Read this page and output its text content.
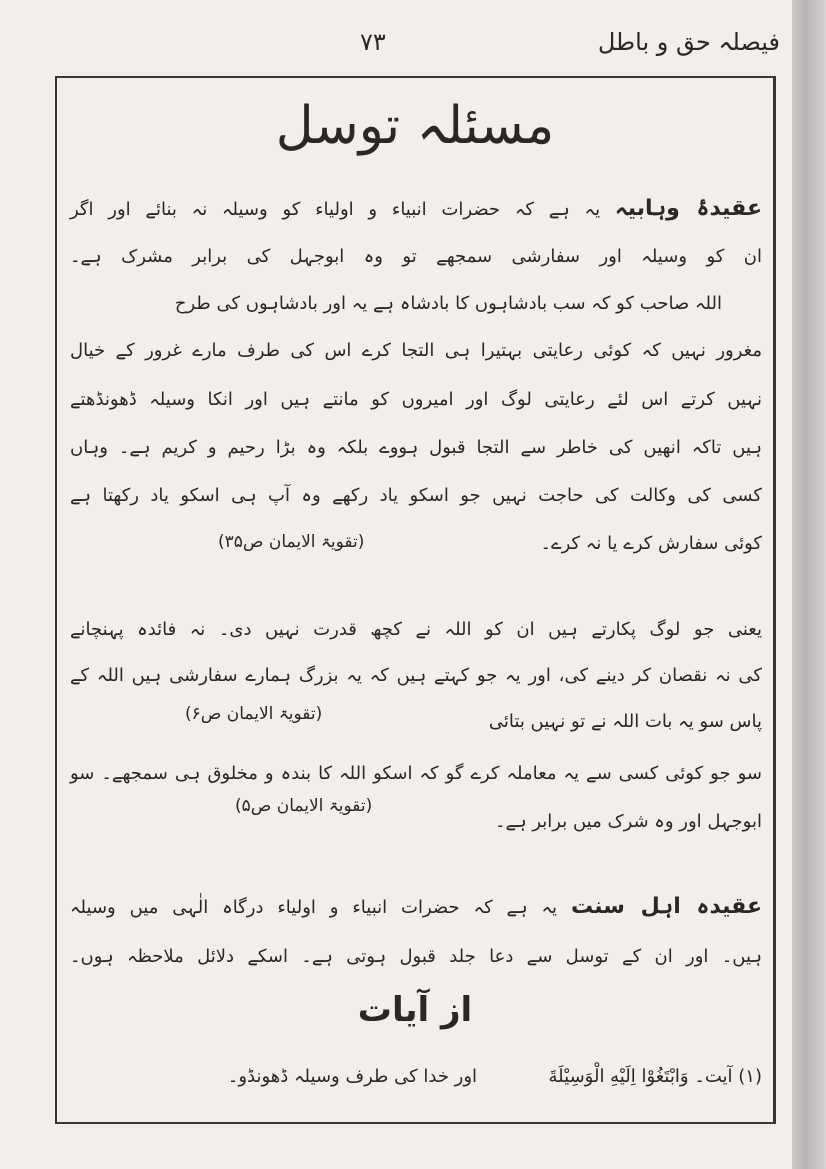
فیصلہ حق و باطل
۷۳
مسئلہ توسل
عقیدۂ وہابیہ یہ ہے کہ حضرات انبیاء و اولیاء کو وسیلہ نہ بنائے اور اگر
ان کو وسیلہ اور سفارشی سمجھے تو وہ ابوجہل کی برابر مشرک ہے۔
اللہ صاحب کو کہ سب بادشاہوں کا بادشاہ ہے یہ اور بادشاہوں کی طرح
مغرور نہیں کہ کوئی رعایتی بہتیرا ہی التجا کرے اس کی طرف مارے غرور کے خیال
نہیں کرتے اس لئے رعایتی لوگ اور امیروں کو مانتے ہیں اور انکا وسیلہ ڈھونڈھتے
ہیں تاکہ انھیں کی خاطر سے التجا قبول ہووے بلکہ وہ بڑا رحیم و کریم ہے۔ وہاں
کسی کی وکالت کی حاجت نہیں جو اسکو یاد رکھے وہ آپ ہی اسکو یاد رکھتا ہے
کوئی سفارش کرے یا نہ کرے۔
(تقویۃ الایمان ص۳۵)
یعنی جو لوگ پکارتے ہیں ان کو اللہ نے کچھ قدرت نہیں دی۔ نہ فائدہ پہنچانے
کی نہ نقصان کر دینے کی، اور یہ جو کہتے ہیں کہ یہ بزرگ ہمارے سفارشی ہیں اللہ کے
پاس سو یہ بات اللہ نے تو نہیں بتائی
(تقویۃ الایمان ص۶)
سو جو کوئی کسی سے یہ معاملہ کرے گو کہ اسکو اللہ کا بندہ و مخلوق ہی سمجھے۔ سو
ابوجہل اور وہ شرک میں برابر ہے۔
(تقویۃ الایمان ص۵)
عقیدہ اہل سنت یہ ہے کہ حضرات انبیاء و اولیاء درگاہ الٰہی میں وسیلہ
ہیں۔ اور ان کے توسل سے دعا جلد قبول ہوتی ہے۔ اسکے دلائل ملاحظہ ہوں۔
از آیات
(۱) آیت۔ وَابْتَغُوْا اِلَیْهِ الْوَسِیْلَةَ  اور خدا کی طرف وسیلہ ڈھونڈو۔
